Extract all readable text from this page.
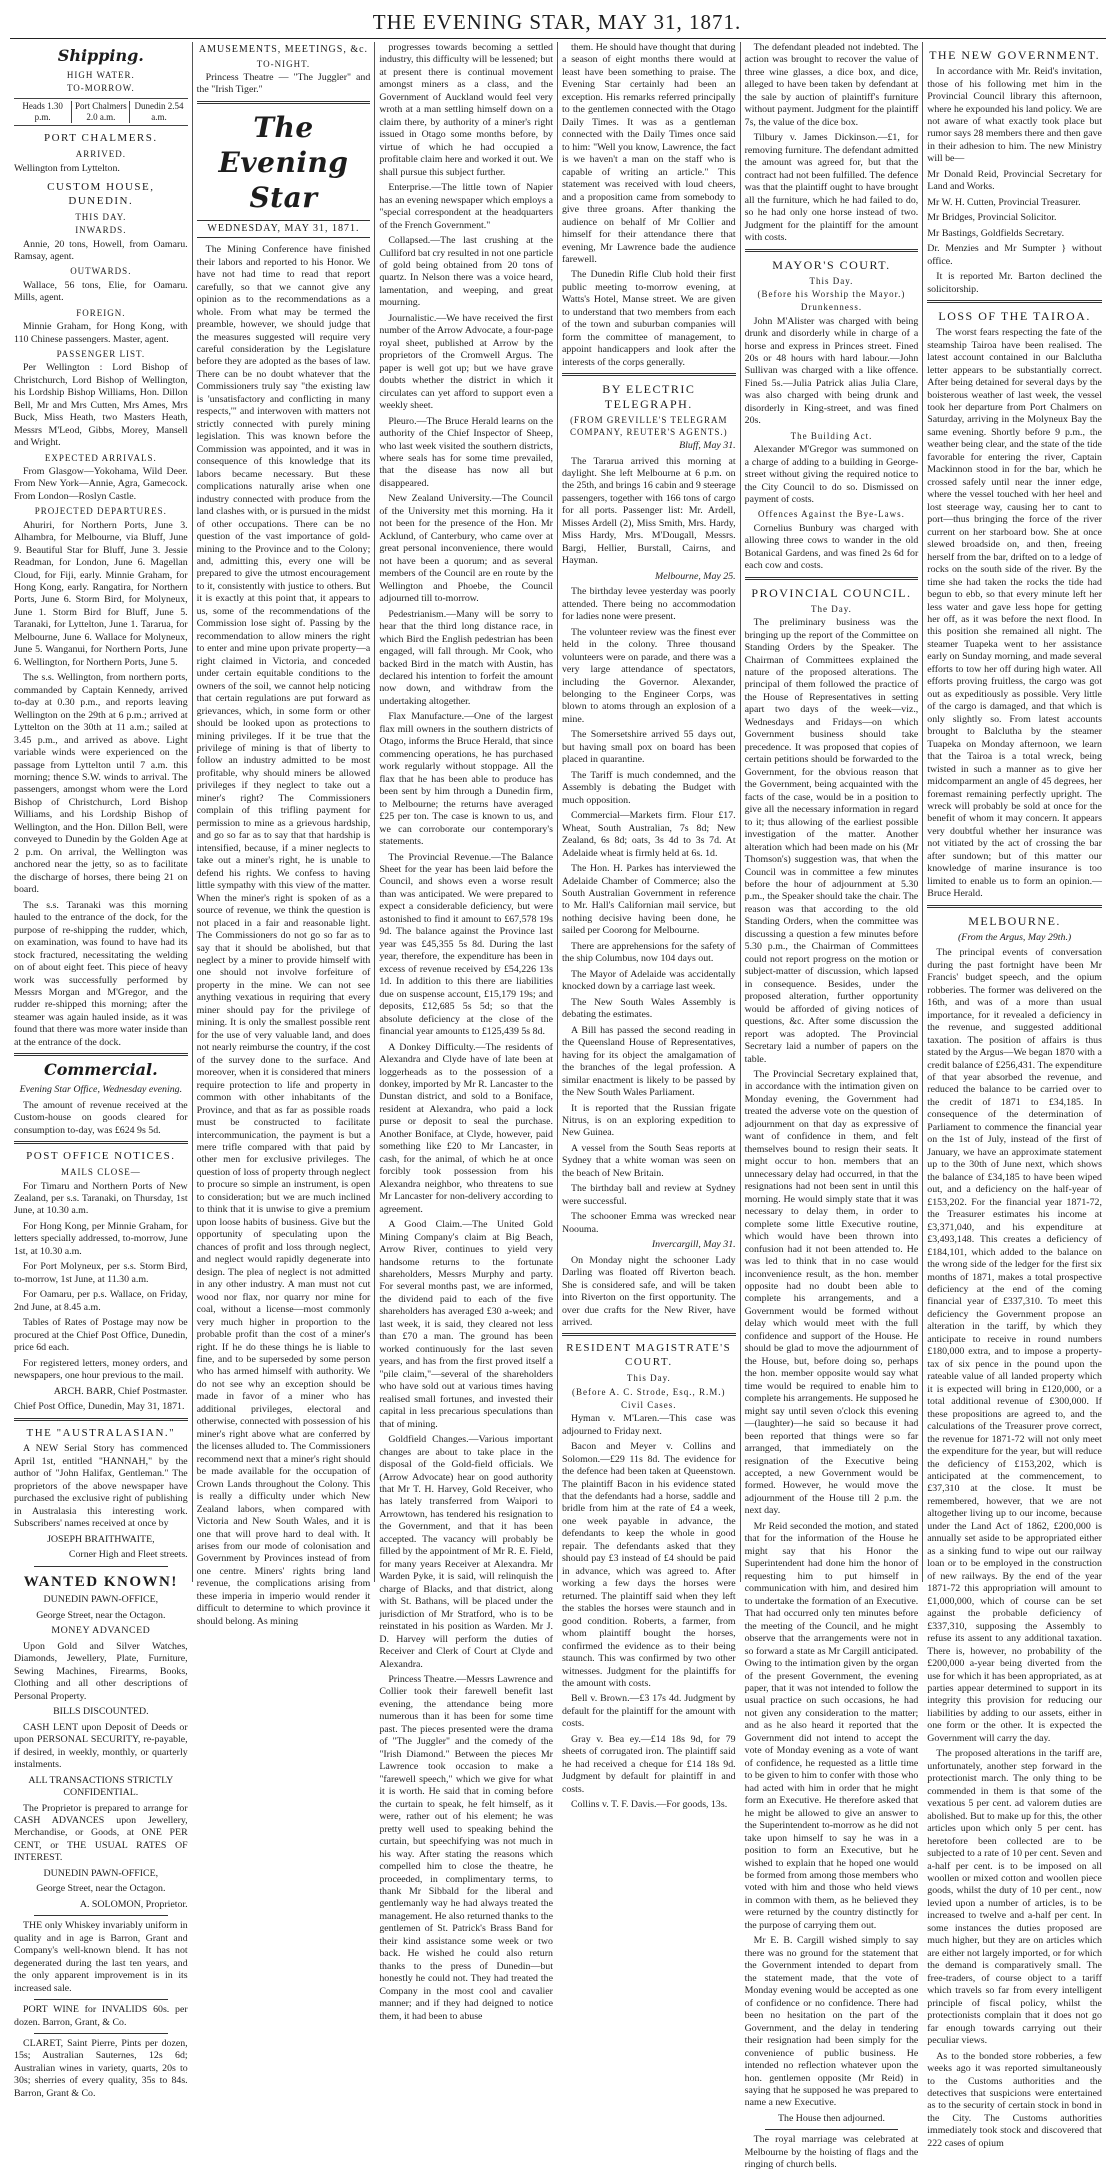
THE EVENING STAR, MAY 31, 1871.
Shipping.
HIGH WATER.
TO-MORROW.
Heads 1.30 p.m.
Port Chalmers 2.0 a.m.
Dunedin 2.54 a.m.
PORT CHALMERS.
ARRIVED.

Wellington from Lyttelton.

CUSTOM HOUSE, DUNEDIN.
THIS DAY.
INWARDS.

Annie, 20 tons, Howell, from Oamaru. Ramsay, agent.

OUTWARDS.

Wallace, 56 tons, Elie, for Oamaru. Mills, agent.

FOREIGN.

Minnie Graham, for Hong Kong, with 110 Chinese passengers. Master, agent.

PASSENGER LIST.

Per Wellington : Lord Bishop of Christchurch, Lord Bishop of Wellington, his Lordship Bishop Williams, Hon. Dillon Bell, Mr and Mrs Cutten, Mrs Ames, Mrs Buck, Miss Heath, two Masters Heath, Messrs M'Leod, Gibbs, Morey, Mansell and Wright.

EXPECTED ARRIVALS.

From Glasgow—Yokohama, Wild Deer. From New York—Annie, Agra, Gamecock. From London—Roslyn Castle.

PROJECTED DEPARTURES.

Ahuriri, for Northern Ports, June 3. Alhambra, for Melbourne, via Bluff, June 9. Beautiful Star for Bluff, June 3. Jessie Readman, for London, June 6. Magellan Cloud, for Fiji, early. Minnie Graham, for Hong Kong, early. Rangatira, for Northern Ports, June 6. Storm Bird, for Molyneux, June 1. Storm Bird for Bluff, June 5. Taranaki, for Lyttelton, June 1. Tararua, for Melbourne, June 6. Wallace for Molyneux, June 5. Wanganui, for Northern Ports, June 6. Wellington, for Northern Ports, June 5.

The s.s. Wellington, from northern ports, commanded by Captain Kennedy, arrived to-day at 0.30 p.m., and reports leaving Wellington on the 29th at 6 p.m.; arrived at Lyttelton on the 30th at 11 a.m.; sailed at 3.45 p.m., and arrived as above. Light variable winds were experienced on the passage from Lyttelton until 7 a.m. this morning; thence S.W. winds to arrival. The passengers, amongst whom were the Lord Bishop of Christchurch, Lord Bishop Williams, and his Lordship Bishop of Wellington, and the Hon. Dillon Bell, were conveyed to Dunedin by the Golden Age at 2 p.m. On arrival, the Wellington was anchored near the jetty, so as to facilitate the discharge of horses, there being 21 on board.

The s.s. Taranaki was this morning hauled to the entrance of the dock, for the purpose of re-shipping the rudder, which, on examination, was found to have had its stock fractured, necessitating the welding on of about eight feet. This piece of heavy work was successfully performed by Messrs Morgan and M'Gregor, and the rudder re-shipped this morning; after the steamer was again hauled inside, as it was found that there was more water inside than at the entrance of the dock.

Commercial.

Evening Star Office, Wednesday evening.

The amount of revenue received at the Custom-house on goods cleared for consumption to-day, was £624 9s 5d.

POST OFFICE NOTICES.
MAILS CLOSE—

For Timaru and Northern Ports of New Zealand, per s.s. Taranaki, on Thursday, 1st June, at 10.30 a.m.

For Hong Kong, per Minnie Graham, for letters specially addressed, to-morrow, June 1st, at 10.30 a.m.

For Port Molyneux, per s.s. Storm Bird, to-morrow, 1st June, at 11.30 a.m.

For Oamaru, per p.s. Wallace, on Friday, 2nd June, at 8.45 a.m.

Tables of Rates of Postage may now be procured at the Chief Post Office, Dunedin, price 6d each.

For registered letters, money orders, and newspapers, one hour previous to the mail.

ARCH. BARR, Chief Postmaster.

Chief Post Office, Dunedin, May 31, 1871.

THE "AUSTRALASIAN."

A NEW Serial Story has commenced April 1st, entitled "HANNAH," by the author of "John Halifax, Gentleman." The proprietors of the above newspaper have purchased the exclusive right of publishing in Australasia this interesting work. Subscribers' names received at once by

JOSEPH BRAITHWAITE,

Corner High and Fleet streets.

WANTED KNOWN!

DUNEDIN PAWN-OFFICE,

George Street, near the Octagon.

MONEY ADVANCED

Upon Gold and Silver Watches, Diamonds, Jewellery, Plate, Furniture, Sewing Machines, Firearms, Books, Clothing and all other descriptions of Personal Property.

BILLS DISCOUNTED.

CASH LENT upon Deposit of Deeds or upon PERSONAL SECURITY, re-payable, if desired, in weekly, monthly, or quarterly instalments.

ALL TRANSACTIONS STRICTLY CONFIDENTIAL.

The Proprietor is prepared to arrange for CASH ADVANCES upon Jewellery, Merchandise, or Goods, at ONE PER CENT, or THE USUAL RATES OF INTEREST.

DUNEDIN PAWN-OFFICE,

George Street, near the Octagon.

A. SOLOMON, Proprietor.

THE only Whiskey invariably uniform in quality and in age is Barron, Grant and Company's well-known blend. It has not degenerated during the last ten years, and the only apparent improvement is in its increased sale.

PORT WINE for INVALIDS 60s. per dozen. Barron, Grant, & Co.

CLARET, Saint Pierre, Pints per dozen, 15s; Australian Sauternes, 12s 6d; Australian wines in variety, quarts, 20s to 30s; sherries of every quality, 35s to 84s. Barron, Grant & Co.

AMUSEMENTS, MEETINGS, &c.
TO-NIGHT.

Princess Theatre — "The Juggler" and the "Irish Tiger."

The Evening Star
WEDNESDAY, MAY 31, 1871.

The Mining Conference have finished their labors and reported to his Honor. We have not had time to read that report carefully, so that we cannot give any opinion as to the recommendations as a whole. From what may be termed the preamble, however, we should judge that the measures suggested will require very careful consideration by the Legislature before they are adopted as the bases of law. There can be no doubt whatever that the Commissioners truly say "the existing law is 'unsatisfactory and conflicting in many respects,'" and interwoven with matters not strictly connected with purely mining legislation. This was known before the Commission was appointed, and it was in consequence of this knowledge that its labors became necessary. But these complications naturally arise when one industry connected with produce from the land clashes with, or is pursued in the midst of other occupations. There can be no question of the vast importance of gold-mining to the Province and to the Colony; and, admitting this, every one will be prepared to give the utmost encouragement to it, consistently with justice to others. But it is exactly at this point that, it appears to us, some of the recommendations of the Commission lose sight of. Passing by the recommendation to allow miners the right to enter and mine upon private property—a right claimed in Victoria, and conceded under certain equitable conditions to the owners of the soil, we cannot help noticing that certain regulations are put forward as grievances, which, in some form or other should be looked upon as protections to mining privileges. If it be true that the privilege of mining is that of liberty to follow an industry admitted to be most profitable, why should miners be allowed privileges if they neglect to take out a miner's right? The Commissioners complain of this trifling payment for permission to mine as a grievous hardship, and go so far as to say that that hardship is intensified, because, if a miner neglects to take out a miner's right, he is unable to defend his rights. We confess to having little sympathy with this view of the matter. When the miner's right is spoken of as a source of revenue, we think the question is not placed in a fair and reasonable light. The Commissioners do not go so far as to say that it should be abolished, but that neglect by a miner to provide himself with one should not involve forfeiture of property in the mine. We can not see anything vexatious in requiring that every miner should pay for the privilege of mining. It is only the smallest possible rent for the use of very valuable land, and does not nearly reimburse the country, if the cost of the survey done to the surface. And moreover, when it is considered that miners require protection to life and property in common with other inhabitants of the Province, and that as far as possible roads must be constructed to facilitate intercommunication, the payment is but a mere trifle compared with that paid by other men for exclusive privileges. The question of loss of property through neglect to procure so simple an instrument, is open to consideration; but we are much inclined to think that it is unwise to give a premium upon loose habits of business. Give but the opportunity of speculating upon the chances of profit and loss through neglect, and neglect would rapidly degenerate into design. The plea of neglect is not admitted in any other industry. A man must not cut wood nor flax, nor quarry nor mine for coal, without a license—most commonly very much higher in proportion to the probable profit than the cost of a miner's right. If he do these things he is liable to fine, and to be superseded by some person who has armed himself with authority. We do not see why an exception should be made in favor of a miner who has additional privileges, electoral and otherwise, connected with possession of his miner's right above what are conferred by the licenses alluded to. The Commissioners recommend next that a miner's right should be made available for the occupation of Crown Lands throughout the Colony. This is really a difficulty under which New Zealand labors, when compared with Victoria and New South Wales, and it is one that will prove hard to deal with. It arises from our mode of colonisation and Government by Provinces instead of from one centre. Miners' rights bring land revenue, the complications arising from these imperia in imperio would render it difficult to determine to which province it should belong. As mining

progresses towards becoming a settled industry, this difficulty will be lessened; but at present there is continual movement amongst miners as a class, and the Government of Auckland would feel very wroth at a man settling himself down on a claim there, by authority of a miner's right issued in Otago some months before, by virtue of which he had occupied a profitable claim here and worked it out. We shall pursue this subject further.

Enterprise.—The little town of Napier has an evening newspaper which employs a "special correspondent at the headquarters of the French Government."

Collapsed.—The last crushing at the Culliford bat cry resulted in not one particle of gold being obtained from 20 tons of quartz. In Nelson there was a voice heard, lamentation, and weeping, and great mourning.

Journalistic.—We have received the first number of the Arrow Advocate, a four-page royal sheet, published at Arrow by the proprietors of the Cromwell Argus. The paper is well got up; but we have grave doubts whether the district in which it circulates can yet afford to support even a weekly sheet.

Pleuro.—The Bruce Herald learns on the authority of the Chief Inspector of Sheep, who last week visited the southern districts, where seals has for some time prevailed, that the disease has now all but disappeared.

New Zealand University.—The Council of the University met this morning. Ha it not been for the presence of the Hon. Mr Acklund, of Canterbury, who came over at great personal inconvenience, there would not have been a quorum; and as several members of the Council are en route by the Wellington and Phoebe, the Council adjourned till to-morrow.

Pedestrianism.—Many will be sorry to hear that the third long distance race, in which Bird the English pedestrian has been engaged, will fall through. Mr Cook, who backed Bird in the match with Austin, has declared his intention to forfeit the amount now down, and withdraw from the undertaking altogether.

Flax Manufacture.—One of the largest flax mill owners in the southern districts of Otago, informs the Bruce Herald, that since commencing operations, he has purchased work regularly without stoppage. All the flax that he has been able to produce has been sent by him through a Dunedin firm, to Melbourne; the returns have averaged £25 per ton. The case is known to us, and we can corroborate our contemporary's statements.

The Provincial Revenue.—The Balance Sheet for the year has been laid before the Council, and shows even a worse result than was anticipated. We were prepared to expect a considerable deficiency, but were astonished to find it amount to £67,578 19s 9d. The balance against the Province last year was £45,355 5s 8d. During the last year, therefore, the expenditure has been in excess of revenue received by £54,226 13s 1d. In addition to this there are liabilities due on suspense account, £15,179 19s; and deposits, £12,685 5s 5d; so that the absolute deficiency at the close of the financial year amounts to £125,439 5s 8d.

A Donkey Difficulty.—The residents of Alexandra and Clyde have of late been at loggerheads as to the possession of a donkey, imported by Mr R. Lancaster to the Dunstan district, and sold to a Boniface, resident at Alexandra, who paid a lock purse or deposit to seal the purchase. Another Boniface, at Clyde, however, paid something like £20 to Mr Lancaster, in cash, for the animal, of which he at once forcibly took possession from his Alexandra neighbor, who threatens to sue Mr Lancaster for non-delivery according to agreement.

A Good Claim.—The United Gold Mining Company's claim at Big Beach, Arrow River, continues to yield very handsome returns to the fortunate shareholders, Messrs Murphy and party. For several months past, we are informed, the dividend paid to each of the five shareholders has averaged £30 a-week; and last week, it is said, they cleared not less than £70 a man. The ground has been worked continuously for the last seven years, and has from the first proved itself a "pile claim,"—several of the shareholders who have sold out at various times having realised small fortunes, and invested their capital in less precarious speculations than that of mining.

Goldfield Changes.—Various important changes are about to take place in the disposal of the Gold-field officials. We (Arrow Advocate) hear on good authority that Mr T. H. Harvey, Gold Receiver, who has lately transferred from Waipori to Arrowtown, has tendered his resignation to the Government, and that it has been accepted. The vacancy will probably be filled by the appointment of Mr R. E. Field, for many years Receiver at Alexandra. Mr Warden Pyke, it is said, will relinquish the charge of Blacks, and that district, along with St. Bathans, will be placed under the jurisdiction of Mr Stratford, who is to be reinstated in his position as Warden. Mr J. D. Harvey will perform the duties of Receiver and Clerk of Court at Clyde and Alexandra.

Princess Theatre.—Messrs Lawrence and Collier took their farewell benefit last evening, the attendance being more numerous than it has been for some time past. The pieces presented were the drama of "The Juggler" and the comedy of the "Irish Diamond." Between the pieces Mr Lawrence took occasion to make a "farewell speech," which we give for what it is worth. He said that in coming before the curtain to speak, he felt himself, as it were, rather out of his element; he was pretty well used to speaking behind the curtain, but speechifying was not much in his way. After stating the reasons which compelled him to close the theatre, he proceeded, in complimentary terms, to thank Mr Sibbald for the liberal and gentlemanly way he had always treated the management. He also returned thanks to the gentlemen of St. Patrick's Brass Band for their kind assistance some week or two back. He wished he could also return thanks to the press of Dunedin—but honestly he could not. They had treated the Company in the most cool and cavalier manner; and if they had deigned to notice them, it had been to abuse

them. He should have thought that during a season of eight months there would at least have been something to praise. The Evening Star certainly had been an exception. His remarks referred principally to the gentlemen connected with the Otago Daily Times. It was as a gentleman connected with the Daily Times once said to him: "Well you know, Lawrence, the fact is we haven't a man on the staff who is capable of writing an article." This statement was received with loud cheers, and a proposition came from somebody to give three groans. After thanking the audience on behalf of Mr Collier and himself for their attendance there that evening, Mr Lawrence bade the audience farewell.

The Dunedin Rifle Club hold their first public meeting to-morrow evening, at Watts's Hotel, Manse street. We are given to understand that two members from each of the town and suburban companies will form the committee of management, to appoint handicappers and look after the interests of the corps generally.

BY ELECTRIC TELEGRAPH.
(FROM GREVILLE'S TELEGRAM COMPANY, REUTER'S AGENTS.)

Bluff, May 31.

The Tararua arrived this morning at daylight. She left Melbourne at 6 p.m. on the 25th, and brings 16 cabin and 9 steerage passengers, together with 166 tons of cargo for all ports. Passenger list: Mr. Ardell, Misses Ardell (2), Miss Smith, Mrs. Hardy, Miss Hardy, Mrs. M'Dougall, Messrs. Bargi, Hellier, Burstall, Cairns, and Hayman.

Melbourne, May 25.

The birthday levee yesterday was poorly attended. There being no accommodation for ladies none were present.

The volunteer review was the finest ever held in the colony. Three thousand volunteers were on parade, and there was a very large attendance of spectators, including the Governor. Alexander, belonging to the Engineer Corps, was blown to atoms through an explosion of a mine.

The Somersetshire arrived 55 days out, but having small pox on board has been placed in quarantine.

The Tariff is much condemned, and the Assembly is debating the Budget with much opposition.

Commercial—Markets firm. Flour £17. Wheat, South Australian, 7s 8d; New Zealand, 6s 8d; oats, 3s 4d to 3s 7d. At Adelaide wheat is firmly held at 6s. 1d.

The Hon. H. Parkes has interviewed the Adelaide Chamber of Commerce; also the South Australian Government in reference to Mr. Hall's Californian mail service, but nothing decisive having been done, he sailed per Coorong for Melbourne.

There are apprehensions for the safety of the ship Columbus, now 104 days out.

The Mayor of Adelaide was accidentally knocked down by a carriage last week.

The New South Wales Assembly is debating the estimates.

A Bill has passed the second reading in the Queensland House of Representatives, having for its object the amalgamation of the branches of the legal profession. A similar enactment is likely to be passed by the New South Wales Parliament.

It is reported that the Russian frigate Nitrus, is on an exploring expedition to New Guinea.

A vessel from the South Seas reports at Sydney that a white woman was seen on the beach of New Britain.

The birthday ball and review at Sydney were successful.

The schooner Emma was wrecked near Noouma.

Invercargill, May 31.

On Monday night the schooner Lady Darling was floated off Riverton beach. She is considered safe, and will be taken into Riverton on the first opportunity. The over due crafts for the New River, have arrived.

RESIDENT MAGISTRATE'S COURT.
This Day.
(Before A. C. Strode, Esq., R.M.)
Civil Cases.

Hyman v. M'Laren.—This case was adjourned to Friday next.

Bacon and Meyer v. Collins and Solomon.—£29 11s 8d. The evidence for the defence had been taken at Queenstown. The plaintiff Bacon in his evidence stated that the defendants had a horse, saddle and bridle from him at the rate of £4 a week, one week payable in advance, the defendants to keep the whole in good repair. The defendants asked that they should pay £3 instead of £4 should be paid in advance, which was agreed to. After working a few days the horses were returned. The plaintiff said when they left the stables the horses were staunch and in good condition. Roberts, a farmer, from whom plaintiff bought the horses, confirmed the evidence as to their being staunch. This was confirmed by two other witnesses. Judgment for the plaintiffs for the amount with costs.

Bell v. Brown.—£3 17s 4d. Judgment by default for the plaintiff for the amount with costs.

Gray v. Bea ey.—£14 18s 9d, for 79 sheets of corrugated iron. The plaintiff said he had received a cheque for £14 18s 9d. Judgment by default for plaintiff in and costs.

Collins v. T. F. Davis.—For goods, 13s.

The defendant pleaded not indebted. The action was brought to recover the value of three wine glasses, a dice box, and dice, alleged to have been taken by defendant at the sale by auction of plaintiff's furniture without payment. Judgment for the plaintiff 7s, the value of the dice box.

Tilbury v. James Dickinson.—£1, for removing furniture. The defendant admitted the amount was agreed for, but that the contract had not been fulfilled. The defence was that the plaintiff ought to have brought all the furniture, which he had failed to do, so he had only one horse instead of two. Judgment for the plaintiff for the amount with costs.

MAYOR'S COURT.
This Day.
(Before his Worship the Mayor.)
Drunkenness.

John M'Alister was charged with being drunk and disorderly while in charge of a horse and express in Princes street. Fined 20s or 48 hours with hard labour.—John Sullivan was charged with a like offence. Fined 5s.—Julia Patrick alias Julia Clare, was also charged with being drunk and disorderly in King-street, and was fined 20s.

The Building Act.

Alexander M'Gregor was summoned on a charge of adding to a building in George-street without giving the required notice to the City Council to do so. Dismissed on payment of costs.

Offences Against the Bye-Laws.

Cornelius Bunbury was charged with allowing three cows to wander in the old Botanical Gardens, and was fined 2s 6d for each cow and costs.

PROVINCIAL COUNCIL.
The Day.

The preliminary business was the bringing up the report of the Committee on Standing Orders by the Speaker. The Chairman of Committees explained the nature of the proposed alterations. The principal of them followed the practice of the House of Representatives in setting apart two days of the week—viz., Wednesdays and Fridays—on which Government business should take precedence. It was proposed that copies of certain petitions should be forwarded to the Government, for the obvious reason that the Government, being acquainted with the facts of the case, would be in a position to give all the necessary information in regard to it; thus allowing of the earliest possible investigation of the matter. Another alteration which had been made on his (Mr Thomson's) suggestion was, that when the Council was in committee a few minutes before the hour of adjournment at 5.30 p.m., the Speaker should take the chair. The reason was that according to the old Standing Orders, when the committee was discussing a question a few minutes before 5.30 p.m., the Chairman of Committees could not report progress on the motion or subject-matter of discussion, which lapsed in consequence. Besides, under the proposed alteration, further opportunity would be afforded of giving notices of questions, &c. After some discussion the report was adopted. The Provincial Secretary laid a number of papers on the table.

The Provincial Secretary explained that, in accordance with the intimation given on Monday evening, the Government had treated the adverse vote on the question of adjournment on that day as expressive of want of confidence in them, and felt themselves bound to resign their seats. It might occur to hon. members that an unnecessary delay had occurred, in that the resignations had not been sent in until this morning. He would simply state that it was necessary to delay them, in order to complete some little Executive routine, which would have been thrown into confusion had it not been attended to. He was led to think that in no case would inconvenience result, as the hon. member opposite had no doubt been able to complete his arrangements, and a Government would be formed without delay which would meet with the full confidence and support of the House. He should be glad to move the adjournment of the House, but, before doing so, perhaps the hon. member opposite would say what time would be required to enable him to complete his arrangements. He supposed he might say until seven o'clock this evening—(laughter)—he said so because it had been reported that things were so far arranged, that immediately on the resignation of the Executive being accepted, a new Government would be formed. However, he would move the adjournment of the House till 2 p.m. the next day.

Mr Reid seconded the motion, and stated that for the information of the House he might say that his Honor the Superintendent had done him the honor of requesting him to put himself in communication with him, and desired him to undertake the formation of an Executive. That had occurred only ten minutes before the meeting of the Council, and he might observe that the arrangements were not in so forward a state as Mr Cargill anticipated. Owing to the intimation given by the organ of the present Government, the evening paper, that it was not intended to follow the usual practice on such occasions, he had not given any consideration to the matter; and as he also heard it reported that the Government did not intend to accept the vote of Monday evening as a vote of want of confidence, he requested as a little time to be given to him to confer with those who had acted with him in order that he might form an Executive. He therefore asked that he might be allowed to give an answer to the Superintendent to-morrow as he did not take upon himself to say he was in a position to form an Executive, but he wished to explain that he hoped one would be formed from among those members who voted with him and those who held views in common with them, as he believed they were returned by the country distinctly for the purpose of carrying them out.

Mr E. B. Cargill wished simply to say there was no ground for the statement that the Government intended to depart from the statement made, that the vote of Monday evening would be accepted as one of confidence or no confidence. There had been no hesitation on the part of the Government, and the delay in tendering their resignation had been simply for the convenience of public business. He intended no reflection whatever upon the hon. gentlemen opposite (Mr Reid) in saying that he supposed he was prepared to name a new Executive.

The House then adjourned.

The royal marriage was celebrated at Melbourne by the hoisting of flags and the ringing of church bells.

THE NEW GOVERNMENT.

In accordance with Mr. Reid's invitation, those of his following met him in the Provincial Council library this afternoon, where he expounded his land policy. We are not aware of what exactly took place but rumor says 28 members there and then gave in their adhesion to him. The new Ministry will be—

Mr Donald Reid, Provincial Secretary for Land and Works.

Mr W. H. Cutten, Provincial Treasurer.

Mr Bridges, Provincial Solicitor.

Mr Bastings, Goldfields Secretary.

Dr. Menzies and Mr Sumpter } without office.

It is reported Mr. Barton declined the solicitorship.

LOSS OF THE TAIROA.

The worst fears respecting the fate of the steamship Tairoa have been realised. The latest account contained in our Balclutha letter appears to be substantially correct. After being detained for several days by the boisterous weather of last week, the vessel took her departure from Port Chalmers on Saturday, arriving in the Molyneux Bay the same evening. Shortly before 9 p.m., the weather being clear, and the state of the tide favorable for entering the river, Captain Mackinnon stood in for the bar, which he crossed safely until near the inner edge, where the vessel touched with her heel and lost steerage way, causing her to cant to port—thus bringing the force of the river current on her starboard bow. She at once slewed broadside on, and then, freeing herself from the bar, drifted on to a ledge of rocks on the south side of the river. By the time she had taken the rocks the tide had begun to ebb, so that every minute left her less water and gave less hope for getting her off, as it was before the next flood. In this position she remained all night. The steamer Tuapeka went to her assistance early on Sunday morning, and made several efforts to tow her off during high water. All efforts proving fruitless, the cargo was got out as expeditiously as possible. Very little of the cargo is damaged, and that which is only slightly so. From latest accounts brought to Balclutha by the steamer Tuapeka on Monday afternoon, we learn that the Tairoa is a total wreck, being twisted in such a manner as to give her midcomparment an angle of 45 degrees, her foremast remaining perfectly upright. The wreck will probably be sold at once for the benefit of whom it may concern. It appears very doubtful whether her insurance was not vitiated by the act of crossing the bar after sundown; but of this matter our knowledge of marine insurance is too limited to enable us to form an opinion.—Bruce Herald.

MELBOURNE.

(From the Argus, May 29th.)

The principal events of conversation during the past fortnight have been Mr Francis' budget speech, and the opium robberies. The former was delivered on the 16th, and was of a more than usual importance, for it revealed a deficiency in the revenue, and suggested additional taxation. The position of affairs is thus stated by the Argus—We began 1870 with a credit balance of £256,431. The expenditure of that year absorbed the revenue, and reduced the balance to be carried over to the credit of 1871 to £34,185. In consequence of the determination of Parliament to commence the financial year on the 1st of July, instead of the first of January, we have an approximate statement up to the 30th of June next, which shows the balance of £34,185 to have been wiped out, and a deficiency on the half-year of £153,202. For the financial year 1871-72, the Treasurer estimates his income at £3,371,040, and his expenditure at £3,493,148. This creates a deficiency of £184,101, which added to the balance on the wrong side of the ledger for the first six months of 1871, makes a total prospective deficiency at the end of the coming financial year of £337,310. To meet this deficiency the Government propose an alteration in the tariff, by which they anticipate to receive in round numbers £180,000 extra, and to impose a property-tax of six pence in the pound upon the rateable value of all landed property which it is expected will bring in £120,000, or a total additional revenue of £300,000. If these propositions are agreed to, and the calculations of the Treasurer prove correct, the revenue for 1871-72 will not only meet the expenditure for the year, but will reduce the deficiency of £153,202, which is anticipated at the commencement, to £37,310 at the close. It must be remembered, however, that we are not altogether living up to our income, because under the Land Act of 1862, £200,000 is annually set aside to be appropriated either as a sinking fund to wipe out our railway loan or to be employed in the construction of new railways. By the end of the year 1871-72 this appropriation will amount to £1,000,000, which of course can be set against the probable deficiency of £337,310, supposing the Assembly to refuse its assent to any additional taxation. There is, however, no probability of the £200,000 a-year being diverted from the use for which it has been appropriated, as at parties appear determined to support in its integrity this provision for reducing our liabilities by adding to our assets, either in one form or the other. It is expected the Government will carry the day.

The proposed alterations in the tariff are, unfortunately, another step forward in the protectionist march. The only thing to be commended in them is that some of the vexatious 5 per cent. ad valorem duties are abolished. But to make up for this, the other articles upon which only 5 per cent. has heretofore been collected are to be subjected to a rate of 10 per cent. Seven and a-half per cent. is to be imposed on all woollen or mixed cotton and woollen piece goods, whilst the duty of 10 per cent., now levied upon a number of articles, is to be increased to twelve and a-half per cent. In some instances the duties proposed are much higher, but they are on articles which are either not largely imported, or for which the demand is comparatively small. The free-traders, of course object to a tariff which travels so far from every intelligent principle of fiscal policy, whilst the protectionists complain that it does not go far enough towards carrying out their peculiar views.

As to the bonded store robberies, a few weeks ago it was reported simultaneously to the Customs authorities and the detectives that suspicions were entertained as to the security of certain stock in bond in the City. The Customs authorities immediately took stock and discovered that 222 cases of opium
